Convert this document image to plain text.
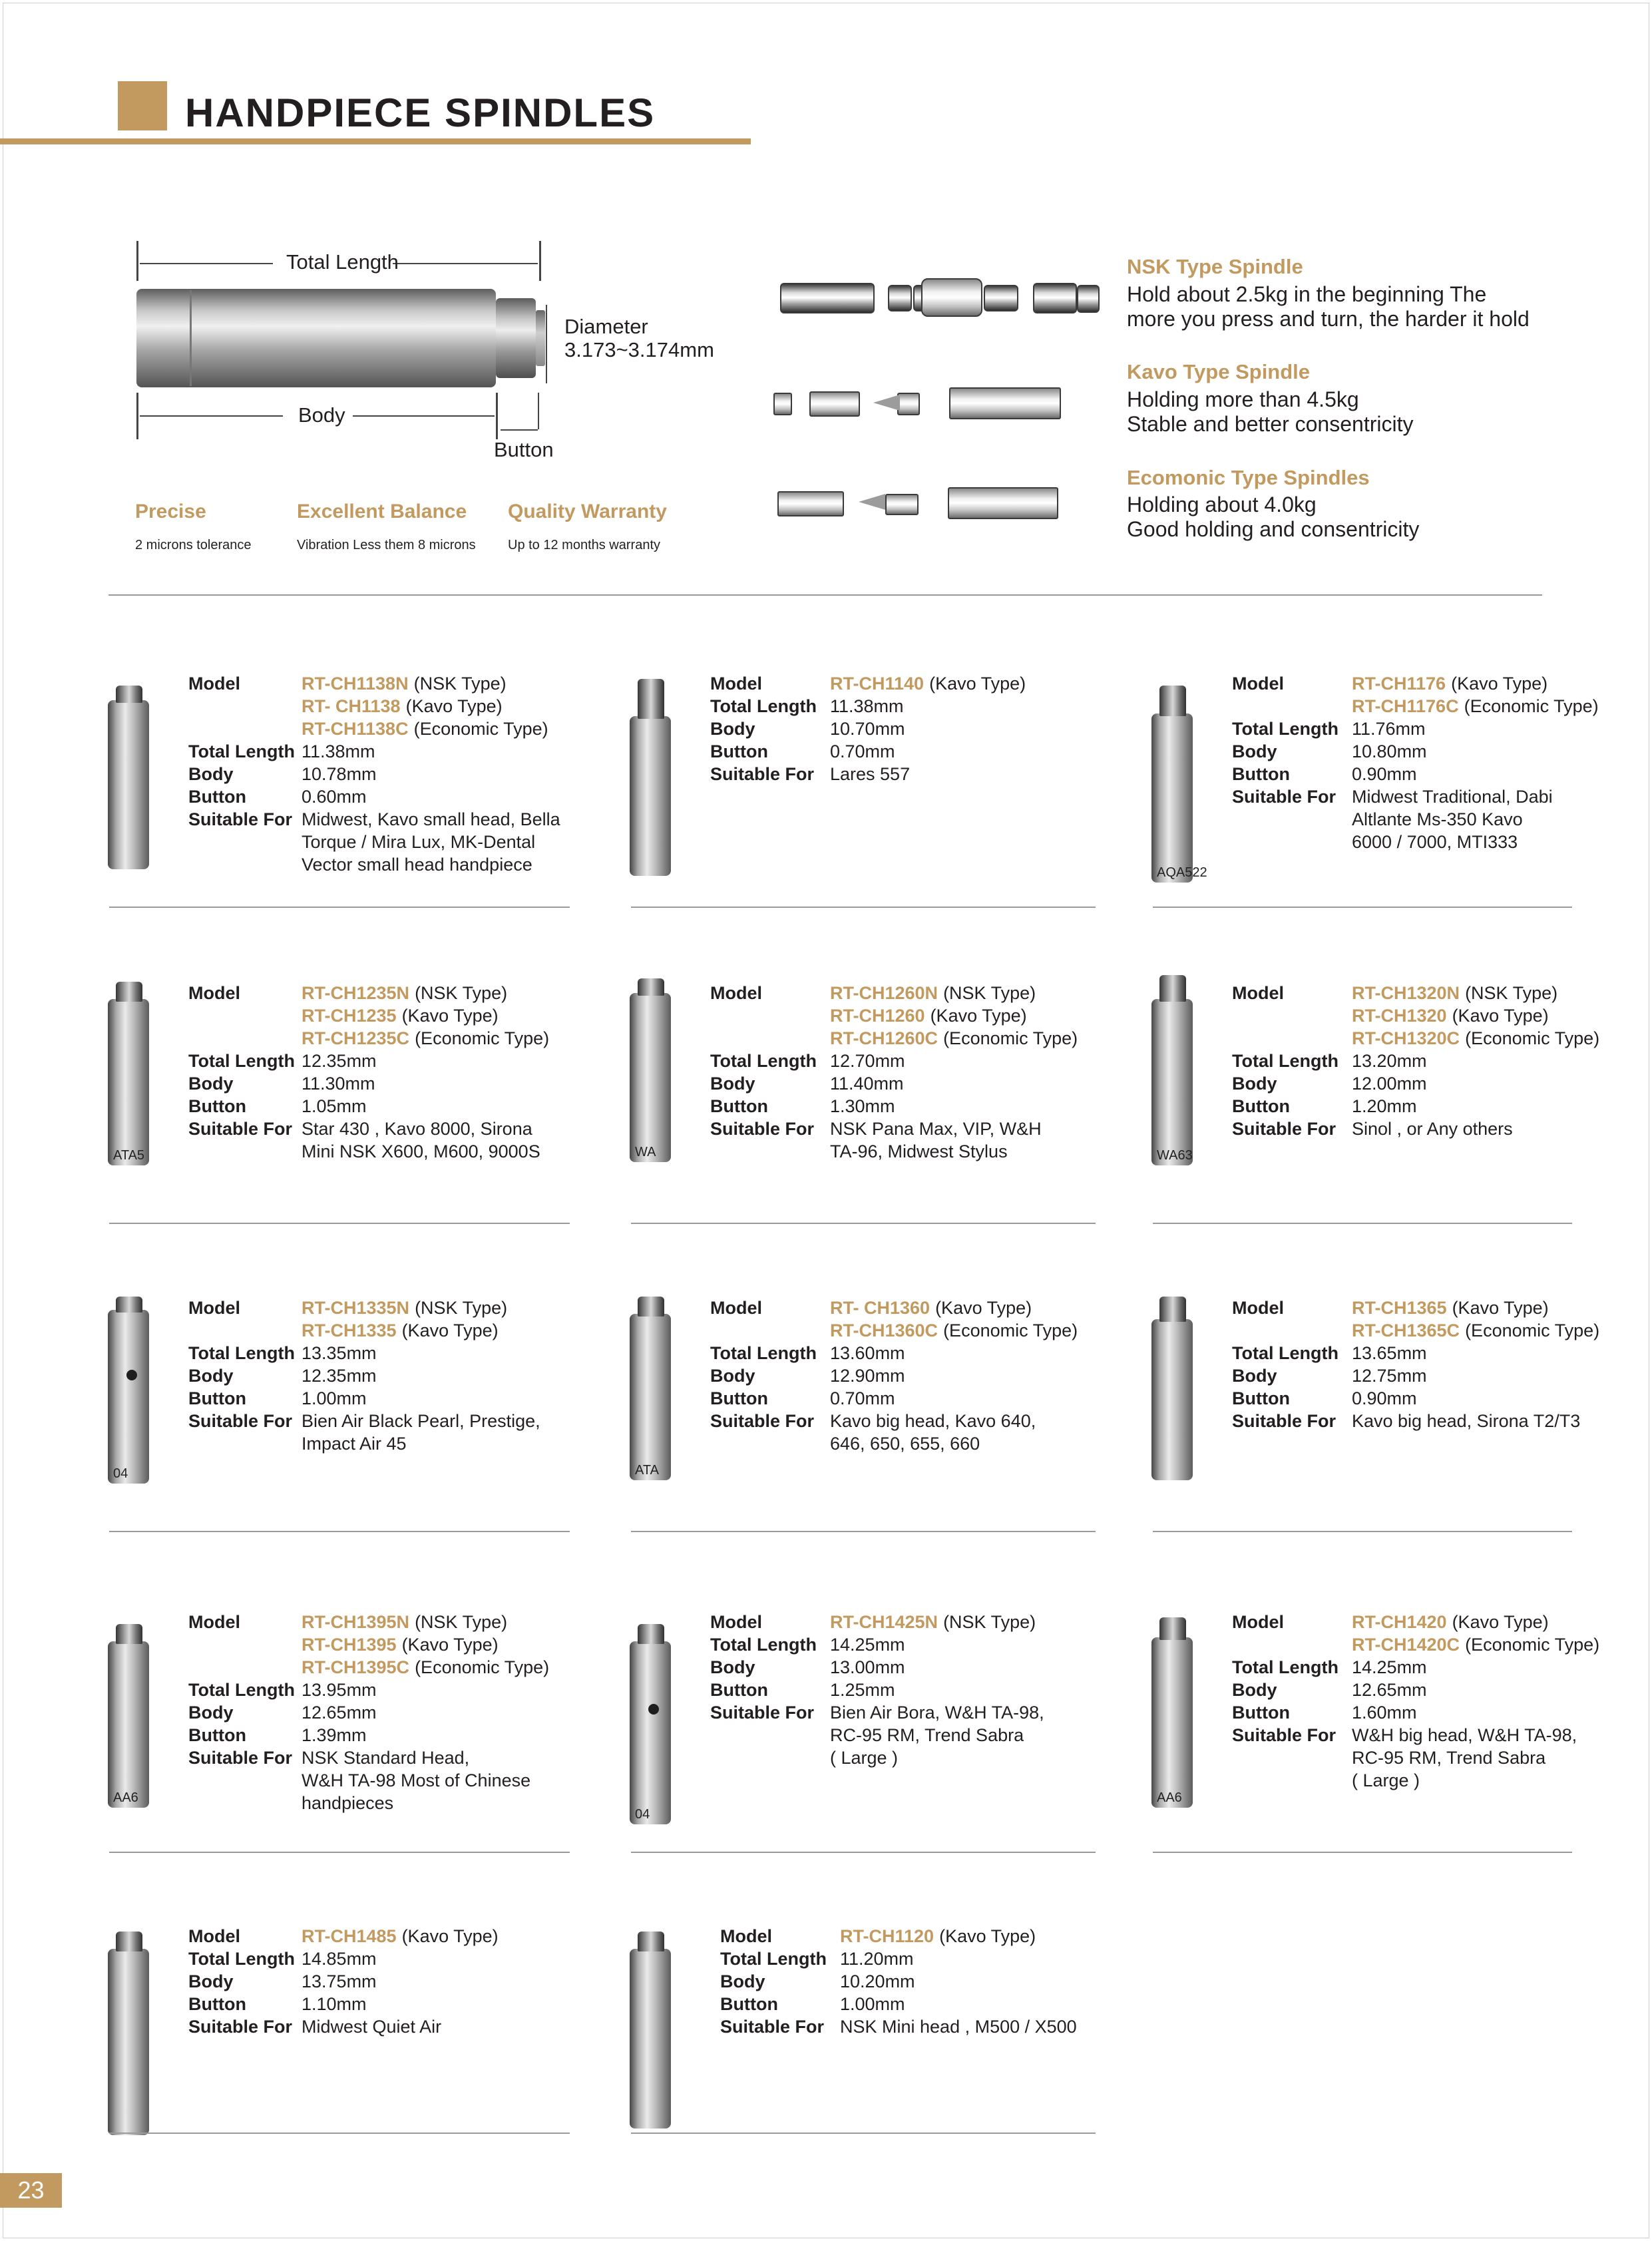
HANDPIECE SPINDLES
Total Length
Diameter
3.173~3.174mm
Body
Button
Precise
2 microns tolerance
Excellent Balance
Vibration Less them 8 microns
Quality Warranty
Up to 12 months warranty
NSK Type Spindle
Hold about 2.5kg in the beginning The
more you press and turn, the harder it hold
Kavo Type Spindle
Holding more than 4.5kg
Stable and better consentricity
Ecomonic Type Spindles
Holding about 4.0kg
Good holding and consentricity
Model	RT-CH1138N (NSK Type)
RT- CH1138 (Kavo Type)
RT-CH1138C (Economic Type)
Total Length 11.38mm
Body	10.78mm
Button	0.60mm
Suitable For Midwest, Kavo small head, Bella
Torque / Mira Lux, MK-Dental
Vector small head handpiece
Model	RT-CH1140 (Kavo Type)
Total Length 11.38mm
Body	10.70mm
Button	0.70mm
Suitable For Lares 557
AQA522
Model	RT-CH1176 (Kavo Type)
RT-CH1176C (Economic Type)
Total Length 11.76mm
Body	10.80mm
Button	0.90mm
Suitable For Midwest Traditional, Dabi
Altlante Ms-350 Kavo
6000 / 7000, MTI333
ATA5
Model	RT-CH1235N (NSK Type)
RT-CH1235 (Kavo Type)
RT-CH1235C (Economic Type)
Total Length 12.35mm
Body	11.30mm
Button	1.05mm
Suitable For Star 430 , Kavo 8000, Sirona
Mini NSK X600, M600, 9000S	WA
Model	RT-CH1260N (NSK Type)
RT-CH1260 (Kavo Type)
RT-CH1260C (Economic Type)
Total Length 12.70mm
Body	11.40mm
Button	1.30mm
Suitable For NSK Pana Max, VIP, W&H
TA-96, Midwest Stylus	WA63
Model	RT-CH1320N (NSK Type)
RT-CH1320 (Kavo Type)
RT-CH1320C (Economic Type)
Total Length 13.20mm
Body	12.00mm
Button	1.20mm
Suitable For Sinol , or Any others
04
Model	RT-CH1335N (NSK Type)
RT-CH1335 (Kavo Type)
Total Length 13.35mm
Body	12.35mm
Button	1.00mm
Suitable For Bien Air Black Pearl, Prestige,
Impact Air 45
ATA
Model	RT- CH1360 (Kavo Type)
RT-CH1360C (Economic Type)
Total Length 13.60mm
Body	12.90mm
Button	0.70mm
Suitable For Kavo big head, Kavo 640,
646, 650, 655, 660
Model	RT-CH1365 (Kavo Type)
RT-CH1365C (Economic Type)
Total Length 13.65mm
Body	12.75mm
Button	0.90mm
Suitable For Kavo big head, Sirona T2/T3
AA6
Model	RT-CH1395N (NSK Type)
RT-CH1395 (Kavo Type)
RT-CH1395C (Economic Type)
Total Length 13.95mm
Body	12.65mm
Button	1.39mm
Suitable For NSK Standard Head,
W&H TA-98 Most of Chinese
handpieces
04
Model	RT-CH1425N (NSK Type)
Total Length 14.25mm
Body	13.00mm
Button	1.25mm
Suitable For Bien Air Bora, W&H TA-98,
RC-95 RM, Trend Sabra
( Large )
AA6
Model	RT-CH1420 (Kavo Type)
RT-CH1420C (Economic Type)
Total Length 14.25mm
Body	12.65mm
Button	1.60mm
Suitable For W&H big head, W&H TA-98,
RC-95 RM, Trend Sabra
( Large )
Model	RT-CH1485 (Kavo Type)
Total Length 14.85mm
Body	13.75mm
Button	1.10mm
Suitable For Midwest Quiet Air
Model	RT-CH1120 (Kavo Type)
Total Length 11.20mm
Body	10.20mm
Button	1.00mm
Suitable For NSK Mini head , M500 / X500
23
